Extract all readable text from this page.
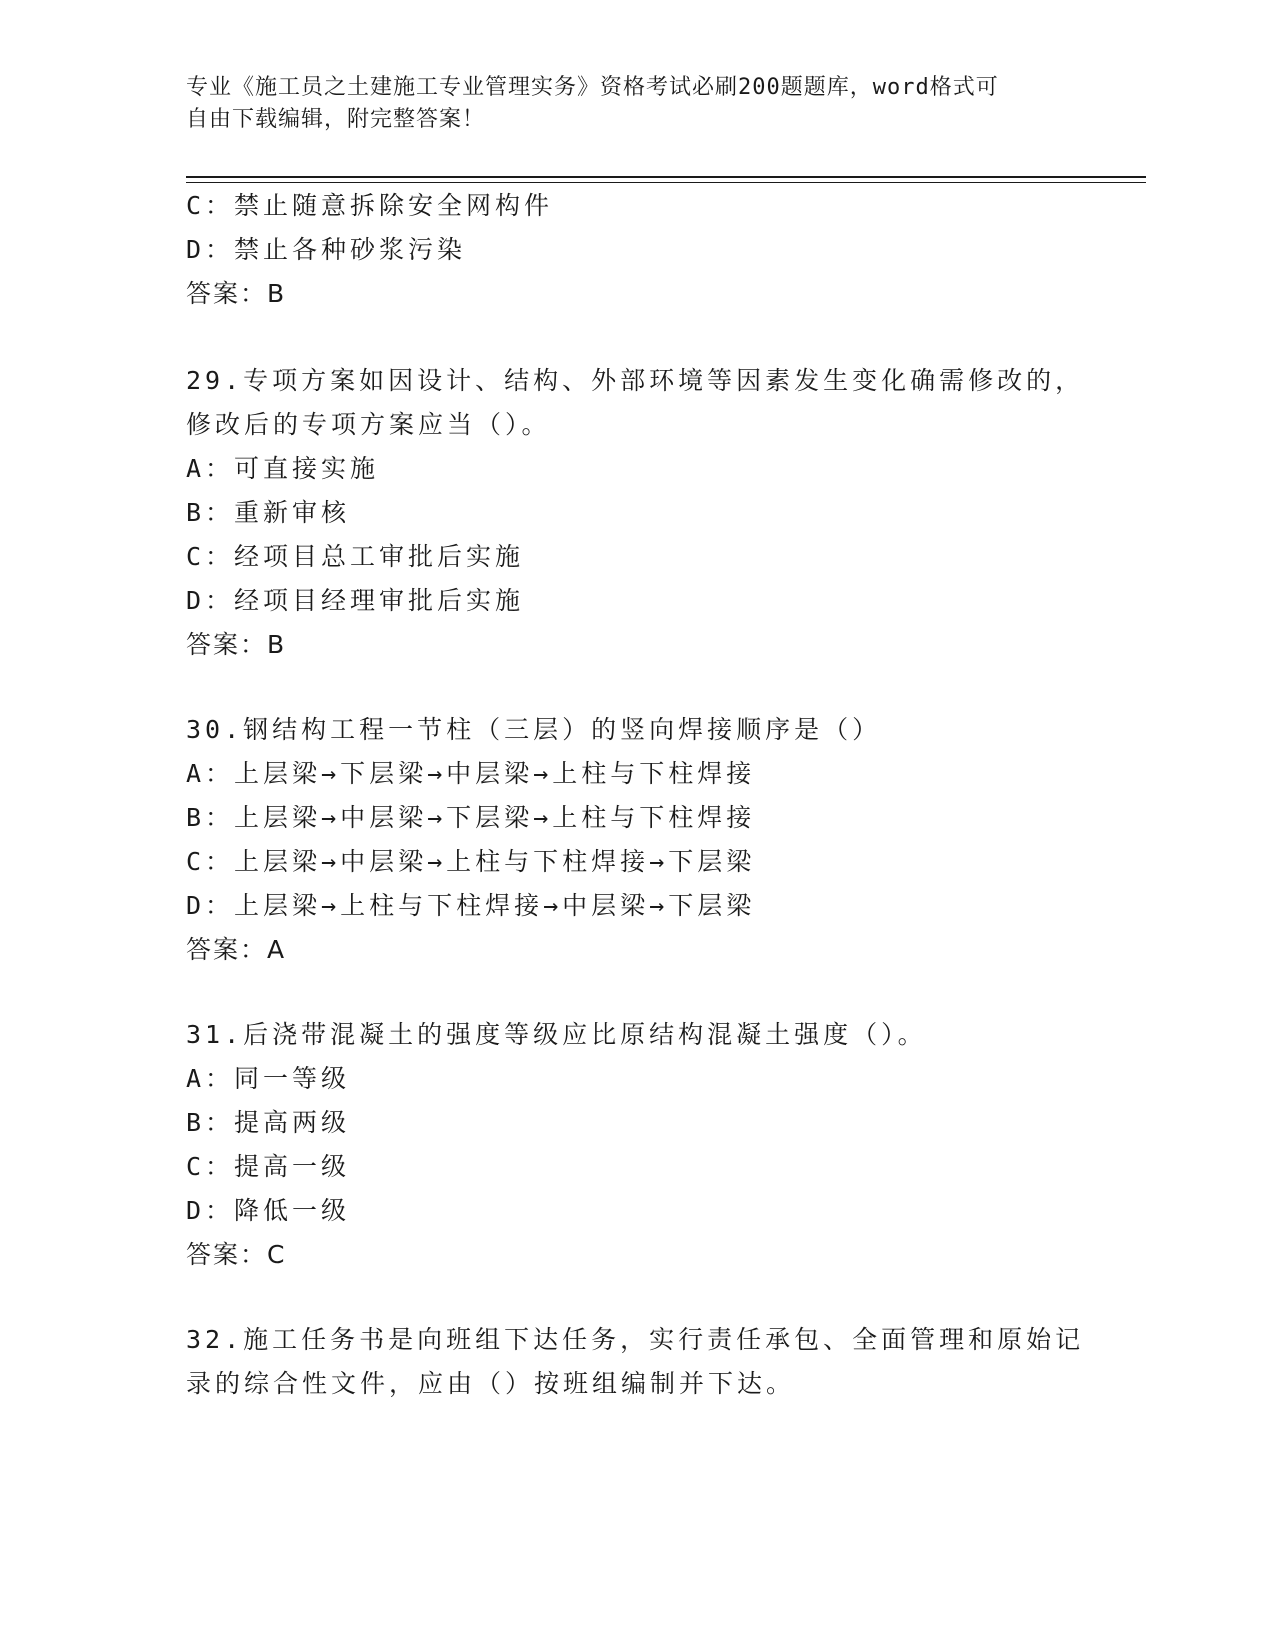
专业《施工员之土建施工专业管理实务》资格考试必刷200题题库，word格式可
自由下载编辑，附完整答案！
C：禁止随意拆除安全网构件
D：禁止各种砂浆污染
答案：B
29.专项方案如因设计、结构、外部环境等因素发生变化确需修改的，
修改后的专项方案应当（）。
A：可直接实施
B：重新审核
C：经项目总工审批后实施
D：经项目经理审批后实施
答案：B
30.钢结构工程一节柱（三层）的竖向焊接顺序是（）
A：上层梁→下层梁→中层梁→上柱与下柱焊接
B：上层梁→中层梁→下层梁→上柱与下柱焊接
C：上层梁→中层梁→上柱与下柱焊接→下层梁
D：上层梁→上柱与下柱焊接→中层梁→下层梁
答案：A
31.后浇带混凝土的强度等级应比原结构混凝土强度（）。
A：同一等级
B：提高两级
C：提高一级
D：降低一级
答案：C
32.施工任务书是向班组下达任务，实行责任承包、全面管理和原始记
录的综合性文件，应由（）按班组编制并下达。
